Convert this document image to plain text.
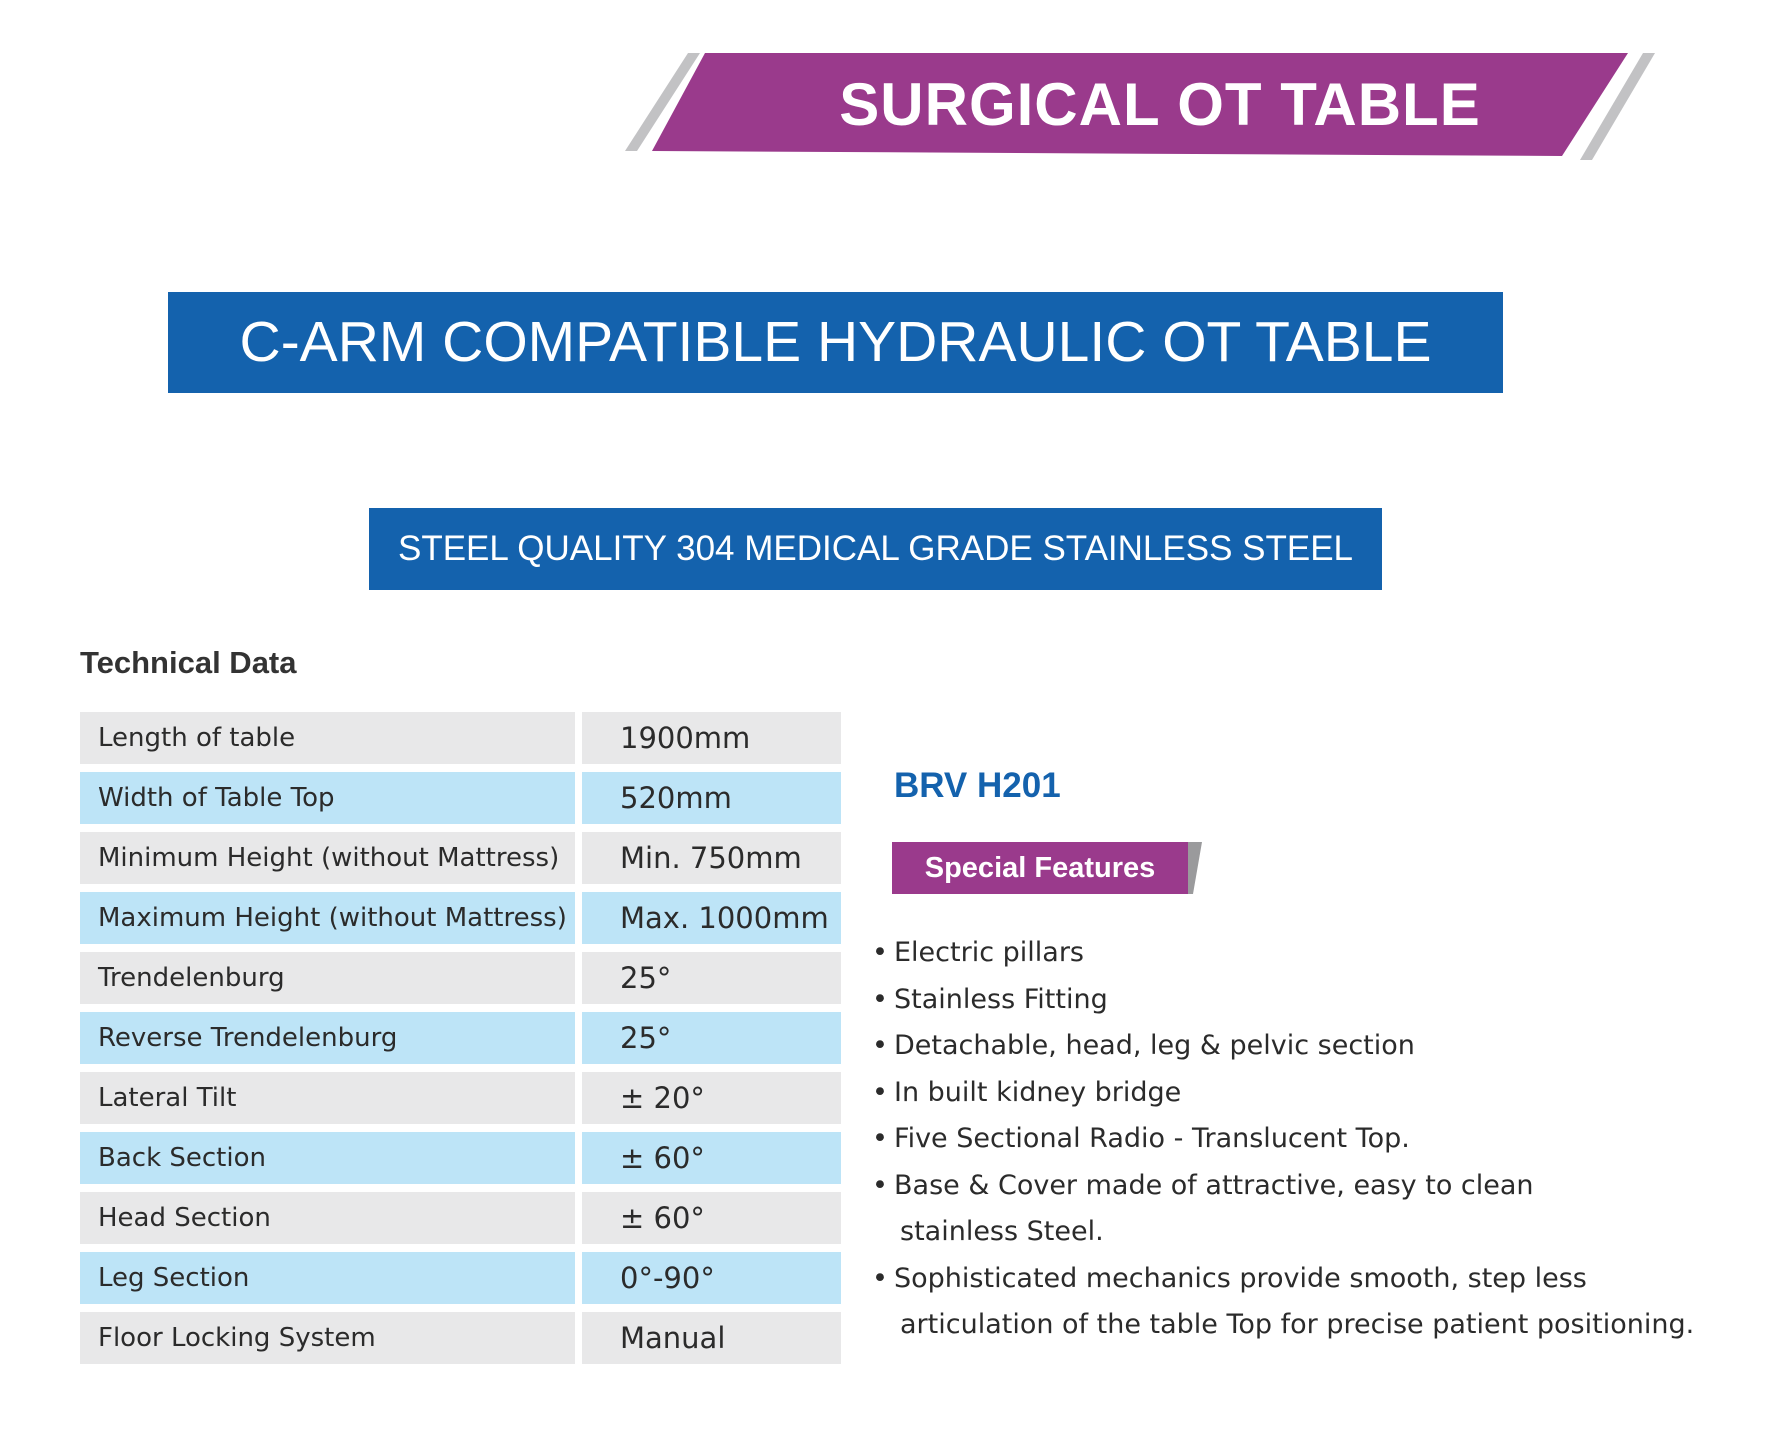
SURGICAL OT TABLE
C-ARM COMPATIBLE HYDRAULIC OT TABLE
STEEL QUALITY 304 MEDICAL GRADE STAINLESS STEEL
Technical Data
Length of table	1900mm
Width of Table Top	520mm
Minimum Height (without Mattress)	Min. 750mm
Maximum Height (without Mattress)	Max. 1000mm
Trendelenburg	25°
Reverse Trendelenburg	25°
Lateral Tilt	± 20°
Back Section	± 60°
Head Section	± 60°
Leg Section	0°-90°
Floor Locking System	Manual
BRV H201
Special Features
• Electric pillars
• Stainless Fitting
• Detachable, head, leg & pelvic section
• In built kidney bridge
• Five Sectional Radio - Translucent Top.
• Base & Cover made of attractive, easy to clean
stainless Steel.
• Sophisticated mechanics provide smooth, step less
articulation of the table Top for precise patient positioning.
